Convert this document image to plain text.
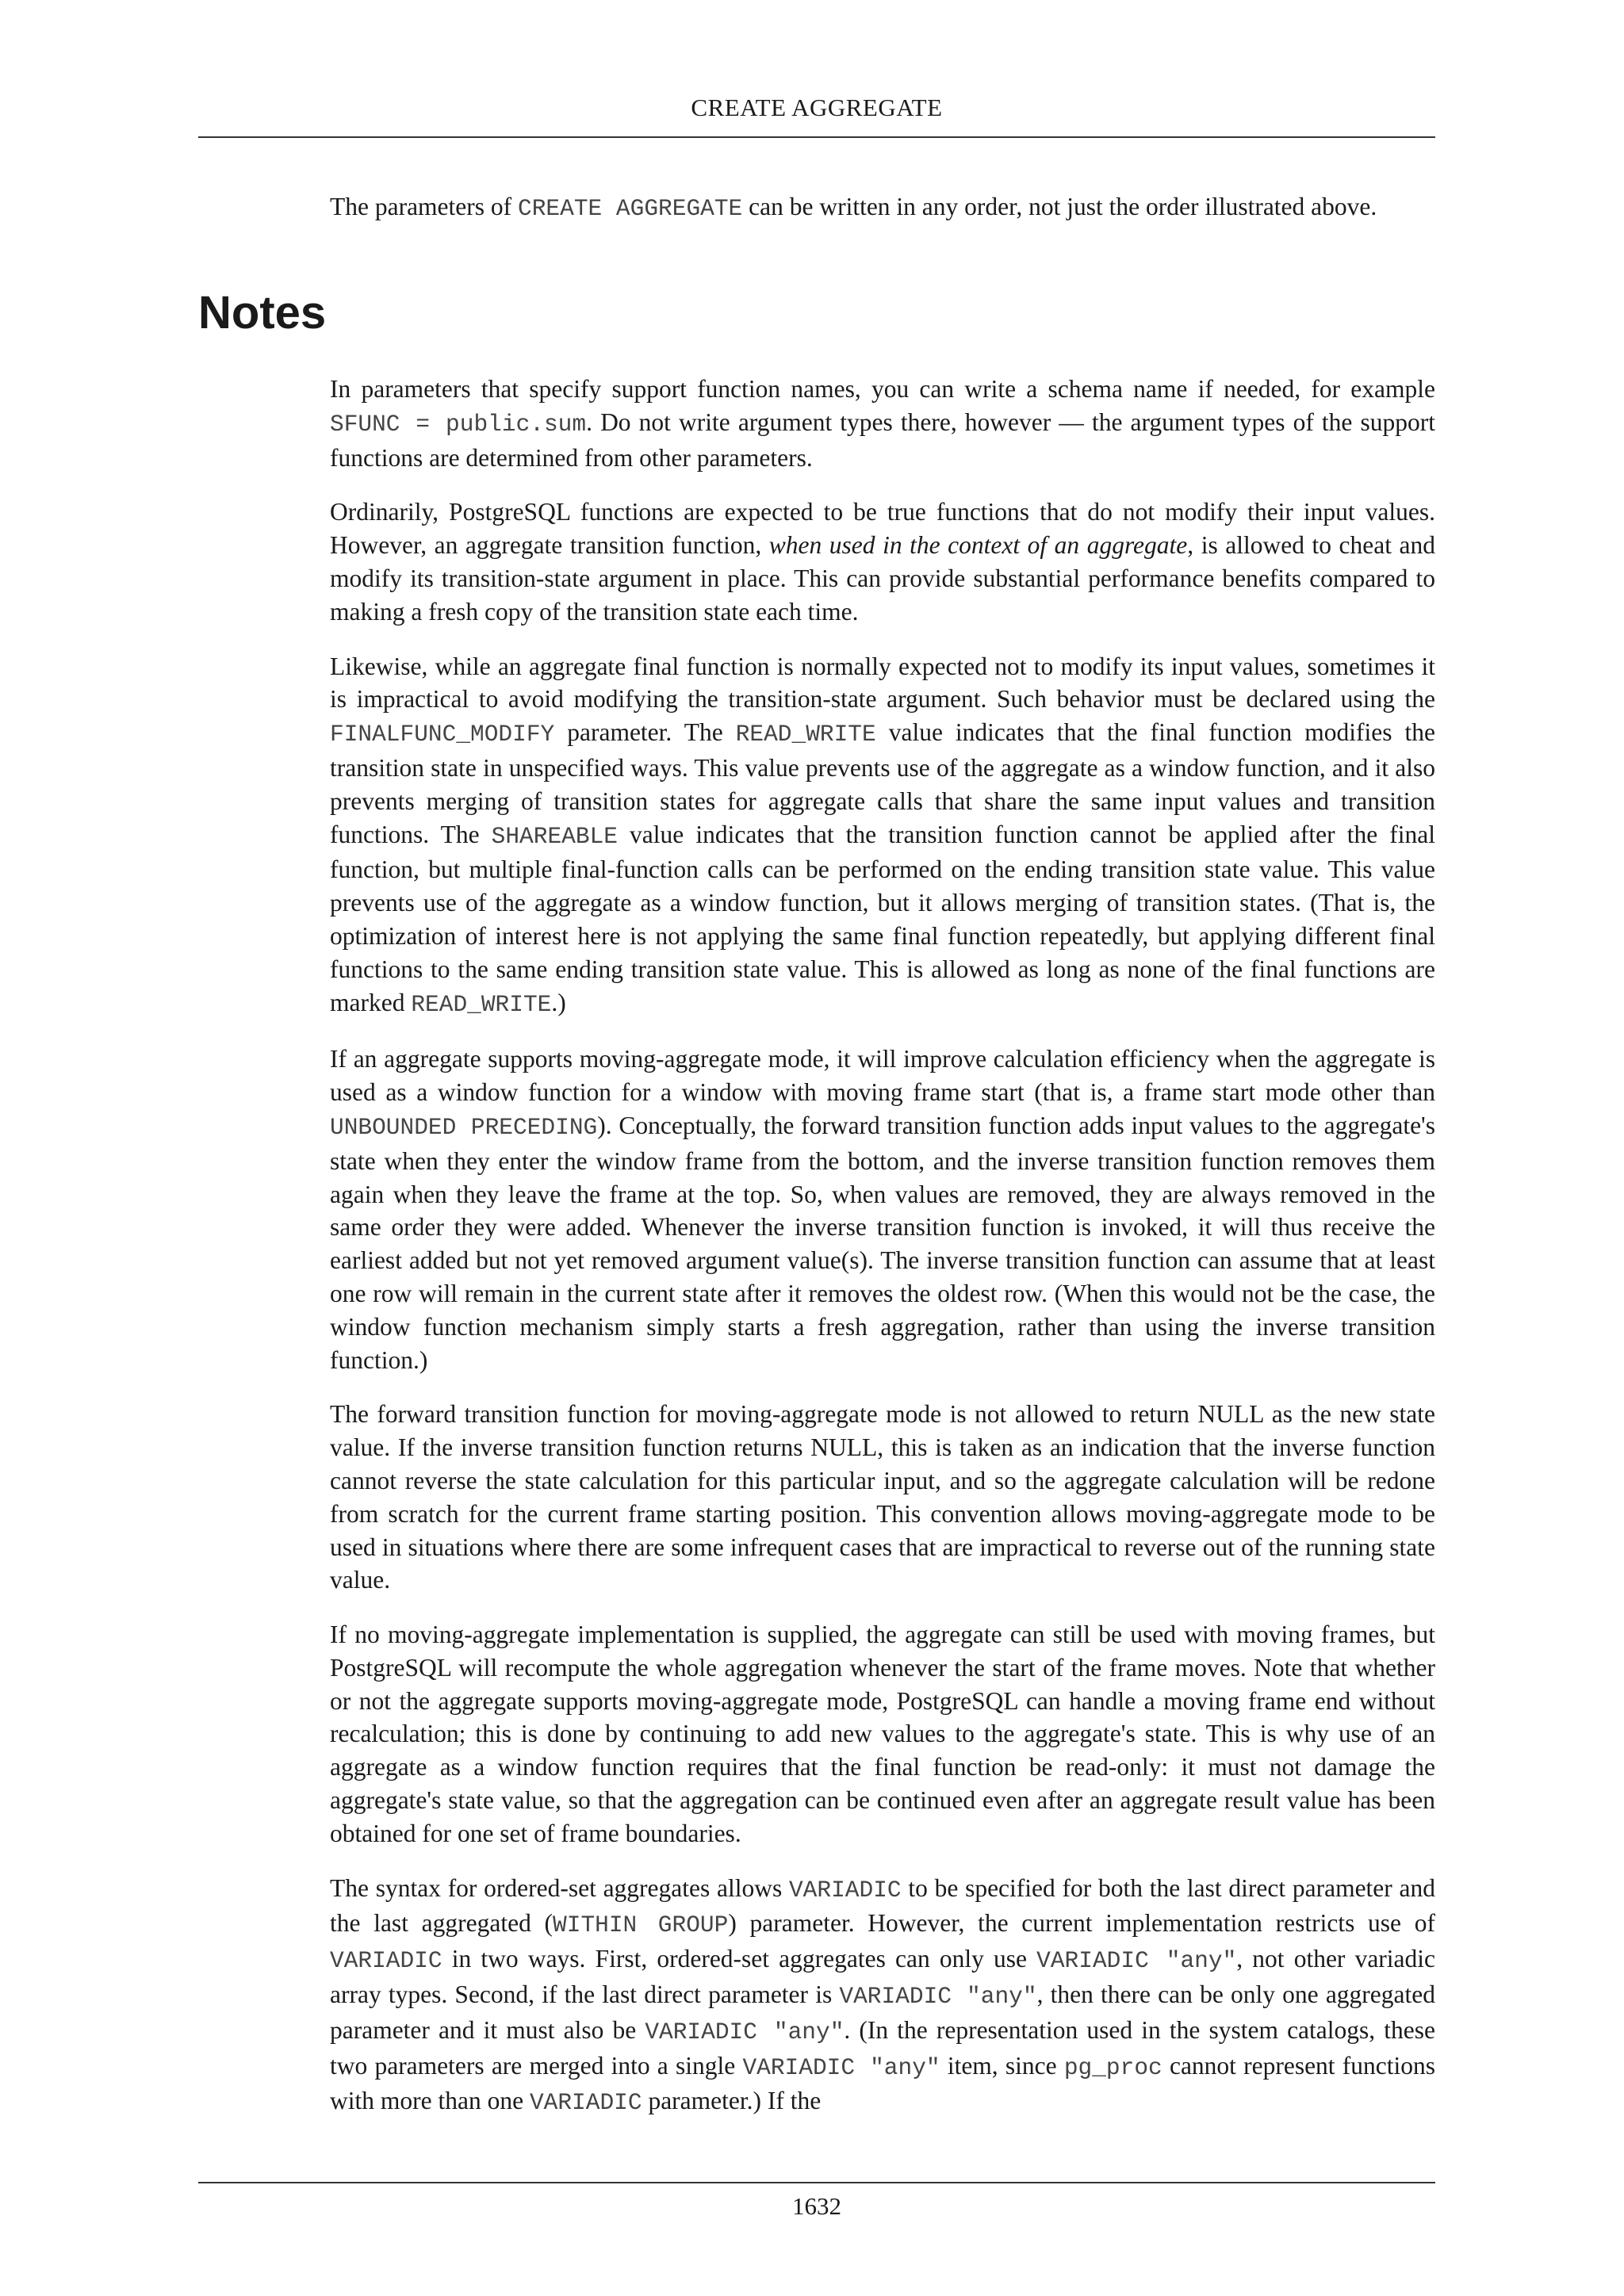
CREATE AGGREGATE

The parameters of CREATE AGGREGATE can be written in any order, not just the order illustrated above.

Notes

In parameters that specify support function names, you can write a schema name if needed, for example SFUNC = public.sum. Do not write argument types there, however — the argument types of the support functions are determined from other parameters.

Ordinarily, PostgreSQL functions are expected to be true functions that do not modify their input values. However, an aggregate transition function, when used in the context of an aggregate, is allowed to cheat and modify its transition-state argument in place. This can provide substantial performance benefits compared to making a fresh copy of the transition state each time.

Likewise, while an aggregate final function is normally expected not to modify its input values, sometimes it is impractical to avoid modifying the transition-state argument. Such behavior must be declared using the FINALFUNC_MODIFY parameter. The READ_WRITE value indicates that the final function modifies the transition state in unspecified ways. This value prevents use of the aggregate as a window function, and it also prevents merging of transition states for aggregate calls that share the same input values and transition functions. The SHAREABLE value indicates that the transition function cannot be applied after the final function, but multiple final-function calls can be performed on the ending transition state value. This value prevents use of the aggregate as a window function, but it allows merging of transition states. (That is, the optimization of interest here is not applying the same final function repeatedly, but applying different final functions to the same ending transition state value. This is allowed as long as none of the final functions are marked READ_WRITE.)

If an aggregate supports moving-aggregate mode, it will improve calculation efficiency when the aggregate is used as a window function for a window with moving frame start (that is, a frame start mode other than UNBOUNDED PRECEDING). Conceptually, the forward transition function adds input values to the aggregate's state when they enter the window frame from the bottom, and the inverse transition function removes them again when they leave the frame at the top. So, when values are removed, they are always removed in the same order they were added. Whenever the inverse transition function is invoked, it will thus receive the earliest added but not yet removed argument value(s). The inverse transition function can assume that at least one row will remain in the current state after it removes the oldest row. (When this would not be the case, the window function mechanism simply starts a fresh aggregation, rather than using the inverse transition function.)

The forward transition function for moving-aggregate mode is not allowed to return NULL as the new state value. If the inverse transition function returns NULL, this is taken as an indication that the inverse function cannot reverse the state calculation for this particular input, and so the aggregate calculation will be redone from scratch for the current frame starting position. This convention allows moving-aggregate mode to be used in situations where there are some infrequent cases that are impractical to reverse out of the running state value.

If no moving-aggregate implementation is supplied, the aggregate can still be used with moving frames, but PostgreSQL will recompute the whole aggregation whenever the start of the frame moves. Note that whether or not the aggregate supports moving-aggregate mode, PostgreSQL can handle a moving frame end without recalculation; this is done by continuing to add new values to the aggregate's state. This is why use of an aggregate as a window function requires that the final function be read-only: it must not damage the aggregate's state value, so that the aggregation can be continued even after an aggregate result value has been obtained for one set of frame boundaries.

The syntax for ordered-set aggregates allows VARIADIC to be specified for both the last direct parameter and the last aggregated (WITHIN GROUP) parameter. However, the current implementation restricts use of VARIADIC in two ways. First, ordered-set aggregates can only use VARIADIC "any", not other variadic array types. Second, if the last direct parameter is VARIADIC "any", then there can be only one aggregated parameter and it must also be VARIADIC "any". (In the representation used in the system catalogs, these two parameters are merged into a single VARIADIC "any" item, since pg_proc cannot represent functions with more than one VARIADIC parameter.) If the

1632
